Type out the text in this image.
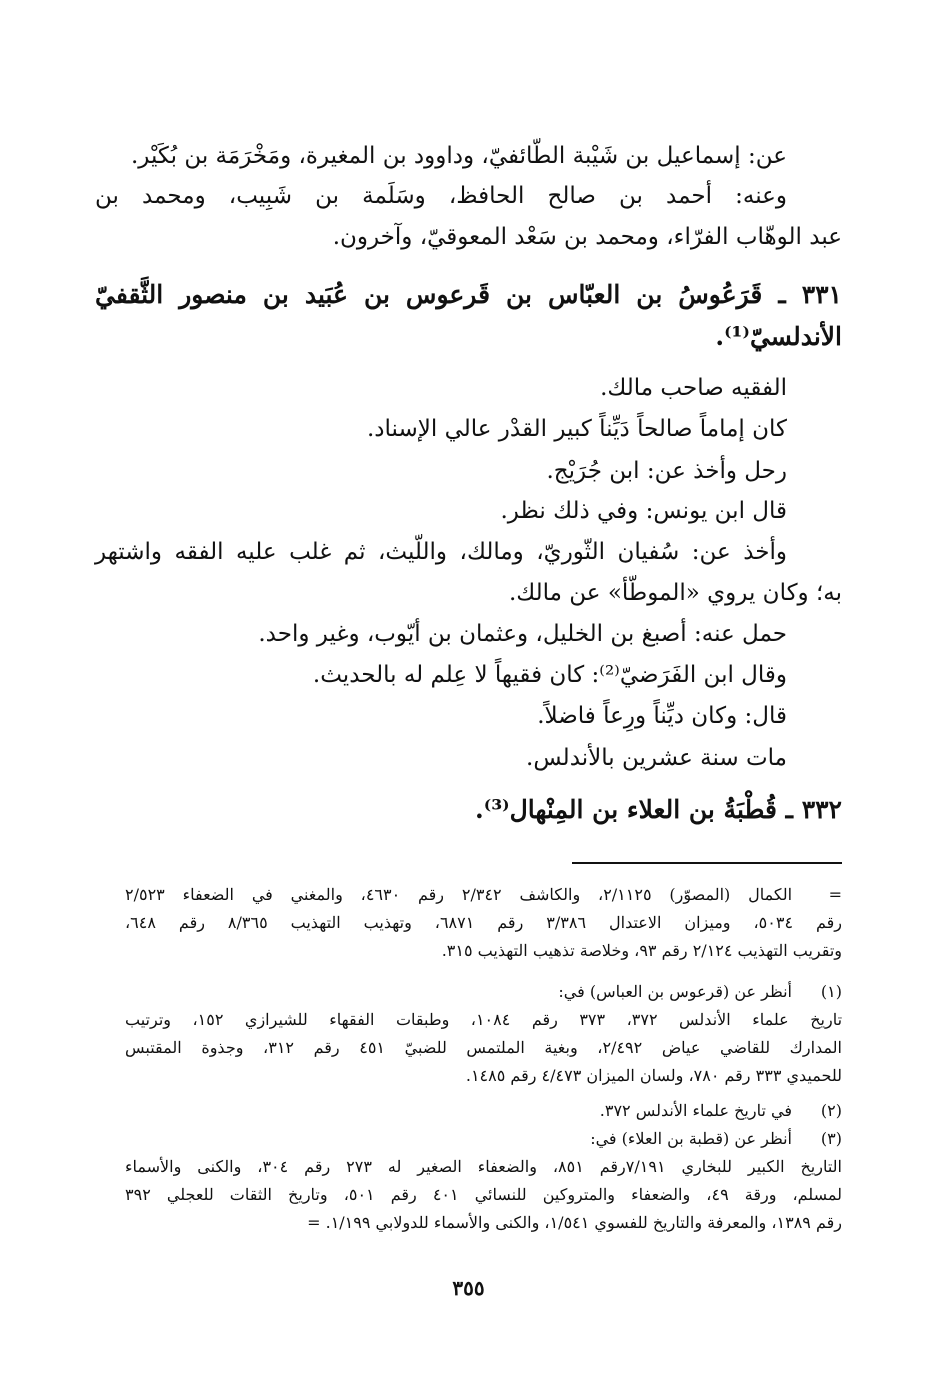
عن: إسماعيل بن شَيْبة الطّائفيّ، وداوود بن المغيرة، ومَخْرَمَة بن بُكَيْر.
وعنه: أحمد بن صالح الحافظ، وسَلَمة بن شَبِيب، ومحمد بن
عبد الوهّاب الفرّاء، ومحمد بن سَعْد المعوقيّ، وآخرون.
٣٣١ ـ قَرَعُوسُ بن العبّاس بن قَرعوس بن عُبَيد بن منصور الثَّقفيّ
الأندلسيّ⁽¹⁾.
الفقيه صاحب مالك.
كان إماماً صالحاً دَيِّناً كبير القدْر عالي الإسناد.
رحل وأخذ عن: ابن جُرَيْج.
قال ابن يونس: وفي ذلك نظر.
وأخذ عن: سُفيان الثّوريّ، ومالك، واللّيث، ثم غلب عليه الفقه واشتهر
به؛ وكان يروي «الموطّأ» عن مالك.
حمل عنه: أصبغ بن الخليل، وعثمان بن أيّوب، وغير واحد.
وقال ابن الفَرَضيّ⁽²⁾: كان فقيهاً لا عِلم له بالحديث.
قال: وكان ديِّناً ورِعاً فاضلاً.
مات سنة عشرين بالأندلس.
٣٣٢ ـ قُطْبَةُ بن العلاء بن المِنْهال⁽³⁾.
=
الكمال (المصوّر) ٢/١١٢٥، والكاشف ٢/٣٤٢ رقم ٤٦٣٠، والمغني في الضعفاء ٢/٥٢٣
رقم ٥٠٣٤، وميزان الاعتدال ٣/٣٨٦ رقم ٦٨٧١، وتهذيب التهذيب ٨/٣٦٥ رقم ٦٤٨،
وتقريب التهذيب ٢/١٢٤ رقم ٩٣، وخلاصة تذهيب التهذيب ٣١٥.
(١)
أنظر عن (قرعوس بن العباس) في:
تاريخ علماء الأندلس ٣٧٢، ٣٧٣ رقم ١٠٨٤، وطبقات الفقهاء للشيرازي ١٥٢، وترتيب
المدارك للقاضي عياض ٢/٤٩٢، وبغية الملتمس للضبيّ ٤٥١ رقم ٣١٢، وجذوة المقتبس
للحميدي ٣٣٣ رقم ٧٨٠، ولسان الميزان ٤/٤٧٣ رقم ١٤٨٥.
(٢)
في تاريخ علماء الأندلس ٣٧٢.
(٣)
أنظر عن (قطبة بن العلاء) في:
التاريخ الكبير للبخاري ٧/١٩١رقم ٨٥١، والضعفاء الصغير له ٢٧٣ رقم ٣٠٤، والكنى والأسماء
لمسلم، ورقة ٤٩، والضعفاء والمتروكين للنسائي ٤٠١ رقم ٥٠١، وتاريخ الثقات للعجلي ٣٩٢
رقم ١٣٨٩، والمعرفة والتاريخ للفسوي ١/٥٤١، والكنى والأسماء للدولابي ١/١٩٩. =
٣٥٥
